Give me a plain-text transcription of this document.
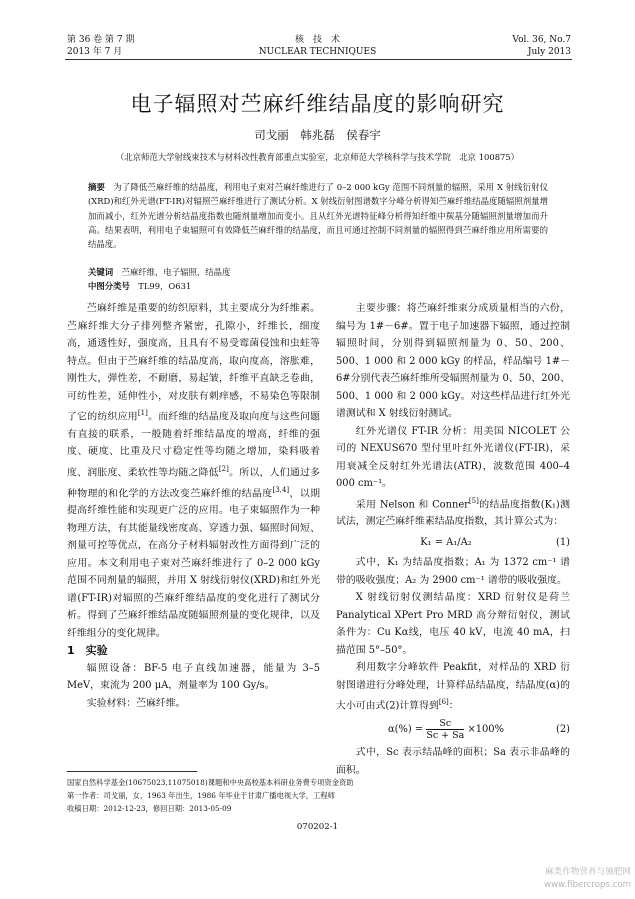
第 36 卷 第 7 期
2013 年 7 月
核　技　术
NUCLEAR TECHNIQUES
Vol. 36, No.7
July 2013
电子辐照对苎麻纤维结晶度的影响研究
司戈丽　韩兆磊　侯春宇
（北京师范大学射线束技术与材料改性教育部重点实验室，北京师范大学核科学与技术学院　北京 100875）
摘要　 为了降低苎麻纤维的结晶度，利用电子束对苎麻纤维进行了 0–2 000 kGy 范围不同剂量的辐照，采用 X 射线衍射仪(XRD)和红外光谱(FT-IR)对辐照苎麻纤维进行了测试分析。X 射线衍射图谱数字分峰分析得知苎麻纤维结晶度随辐照剂量增加而减小，红外光谱分析结晶度指数也随剂量增加而变小。且从红外光谱特征峰分析得知纤维中羰基分随辐照剂量增加而升高。结果表明，利用电子束辐照可有效降低苎麻纤维的结晶度，而且可通过控制不同剂量的辐照得到苎麻纤维应用所需要的结晶度。
关键词　 苎麻纤维，电子辐照，结晶度
中图分类号　 TL99，O631

苎麻纤维是重要的纺织原料，其主要成分为纤维素。苎麻纤维大分子排列整齐紧密，孔隙小，纤维长，细度高，通透性好，强度高，且具有不易受霉菌侵蚀和虫蛀等特点。但由于苎麻纤维的结晶度高，取向度高，溶胀难，刚性大，弹性差，不耐磨，易起皱，纤维平直缺乏卷曲，可纺性差，延伸性小，对皮肤有刺痒感，不易染色等限制了它的纺织应用[1]。而纤维的结晶度及取向度与这些问题有直接的联系，一般随着纤维结晶度的增高，纤维的强度、硬度、比重及尺寸稳定性等均随之增加，染料吸着度、润胀度、柔软性等均随之降低[2]。所以，人们通过多种物理的和化学的方法改变苎麻纤维的结晶度[3,4]，以期提高纤维性能和实现更广泛的应用。电子束辐照作为一种物理方法，有其能量线密度高、穿透力强、辐照时间短、剂量可控等优点，在高分子材料辐射改性方面得到广泛的应用。本文利用电子束对苎麻纤维进行了 0–2 000 kGy 范围不同剂量的辐照，并用 X 射线衍射仪(XRD)和红外光谱(FT-IR)对辐照的苎麻纤维结晶度的变化进行了测试分析。得到了苎麻纤维结晶度随辐照剂量的变化规律，以及纤维组分的变化规律。

1　实验

辐照设备：BF-5 电子直线加速器，能量为 3–5 MeV，束流为 200 μA，剂量率为 100 Gy/s。

实验材料：苎麻纤维。

主要步骤：将苎麻纤维束分成质量相当的六份，编号为 1#－6#。置于电子加速器下辐照，通过控制辐照时间，分别得到辐照剂量为 0、50、200、500、1 000 和 2 000 kGy 的样品，样品编号 1#－6#分别代表苎麻纤维所受辐照剂量为 0、50、200、500、1 000 和 2 000 kGy。对这些样品进行红外光谱测试和 X 射线衍射测试。

红外光谱仪 FT-IR 分析：用美国 NICOLET 公司的 NEXUS670 型付里叶红外光谱仪(FT-IR)，采用衰减全反射红外光谱法(ATR)，波数范围 400–4 000 cm⁻¹。

采用 Nelson 和 Conner[5]的结晶度指数(K₁)测试法，测定苎麻纤维素结晶度指数，其计算公式为：

K₁ = A₁/A₂	(1)

式中，K₁ 为结晶度指数；A₁ 为 1372 cm⁻¹ 谱带的吸收强度；A₂ 为 2900 cm⁻¹ 谱带的吸收强度。

X 射线衍射仪测结晶度：XRD 衍射仪是荷兰 Panalytical XPert Pro MRD 高分辩衍射仪，测试条件为：Cu Kα线，电压 40 kV，电流 40 mA，扫描范围 5°–50°。

利用数字分峰软件 Peakfit，对样品的 XRD 衍射图谱进行分峰处理，计算样品结晶度，结晶度(α)的大小可由式(2)计算得到[6]：

$\alpha(\%) = \frac{Sc}{Sc + Sa} \times 100\%$	(2)

式中，Sc 表示结晶峰的面积；Sa 表示非晶峰的面积。

国家自然科学基金(10675023,11075018)课题和中央高校基本科研业务费专项资金资助
第一作者：司戈丽，女，1963 年出生，1986 年毕业于甘肃广播电视大学，工程师
收稿日期：2012-12-23，修回日期：2013-05-09
070202-1
麻类作物营养与施肥网
www.fibercrops.com
